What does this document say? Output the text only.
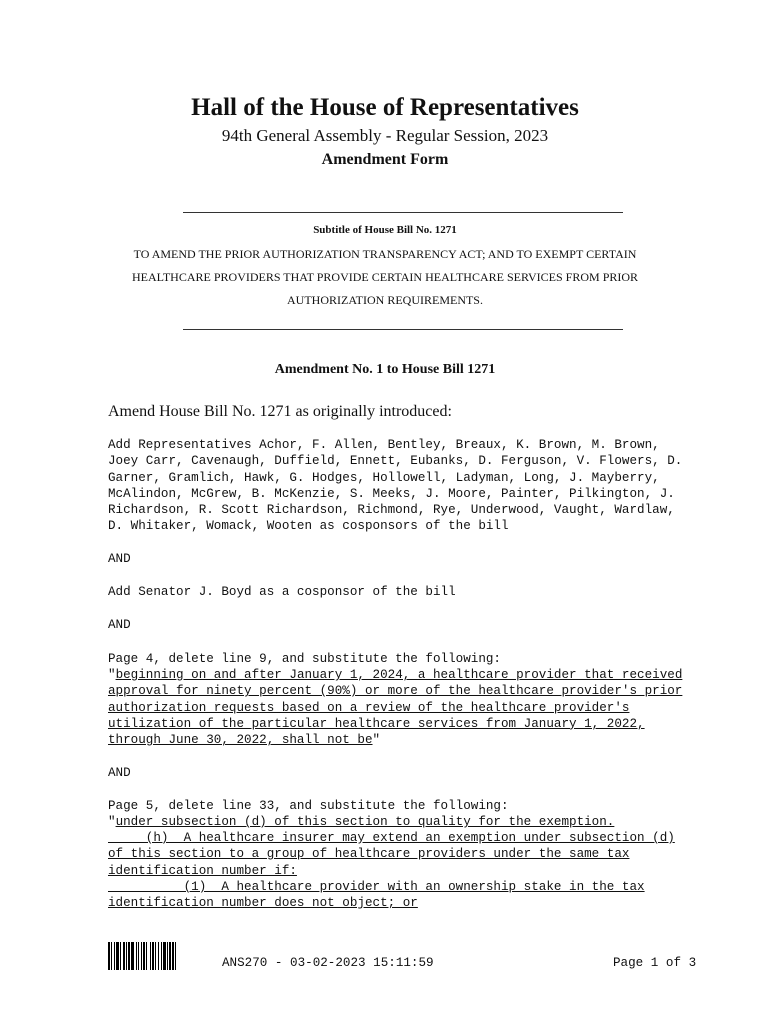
Hall of the House of Representatives
94th General Assembly - Regular Session, 2023
Amendment Form
Subtitle of House Bill No. 1271
TO AMEND THE PRIOR AUTHORIZATION TRANSPARENCY ACT; AND TO EXEMPT CERTAIN HEALTHCARE PROVIDERS THAT PROVIDE CERTAIN HEALTHCARE SERVICES FROM PRIOR AUTHORIZATION REQUIREMENTS.
Amendment No. 1 to House Bill 1271
Amend House Bill No. 1271 as originally introduced:
Add Representatives Achor, F. Allen, Bentley, Breaux, K. Brown, M. Brown,
Joey Carr, Cavenaugh, Duffield, Ennett, Eubanks, D. Ferguson, V. Flowers, D.
Garner, Gramlich, Hawk, G. Hodges, Hollowell, Ladyman, Long, J. Mayberry,
McAlindon, McGrew, B. McKenzie, S. Meeks, J. Moore, Painter, Pilkington, J.
Richardson, R. Scott Richardson, Richmond, Rye, Underwood, Vaught, Wardlaw,
D. Whitaker, Womack, Wooten as cosponsors of the bill
AND
Add Senator J. Boyd as a cosponsor of the bill
AND
Page 4, delete line 9, and substitute the following:
"beginning on and after January 1, 2024, a healthcare provider that received
approval for ninety percent (90%) or more of the healthcare provider's prior
authorization requests based on a review of the healthcare provider's
utilization of the particular healthcare services from January 1, 2022,
through June 30, 2022, shall not be"
AND
Page 5, delete line 33, and substitute the following:
"under subsection (d) of this section to quality for the exemption.
(h)  A healthcare insurer may extend an exemption under subsection (d)
of this section to a group of healthcare providers under the same tax
identification number if:
(1)  A healthcare provider with an ownership stake in the tax
identification number does not object; or
ANS270 - 03-02-2023 15:11:59	Page 1 of 3
